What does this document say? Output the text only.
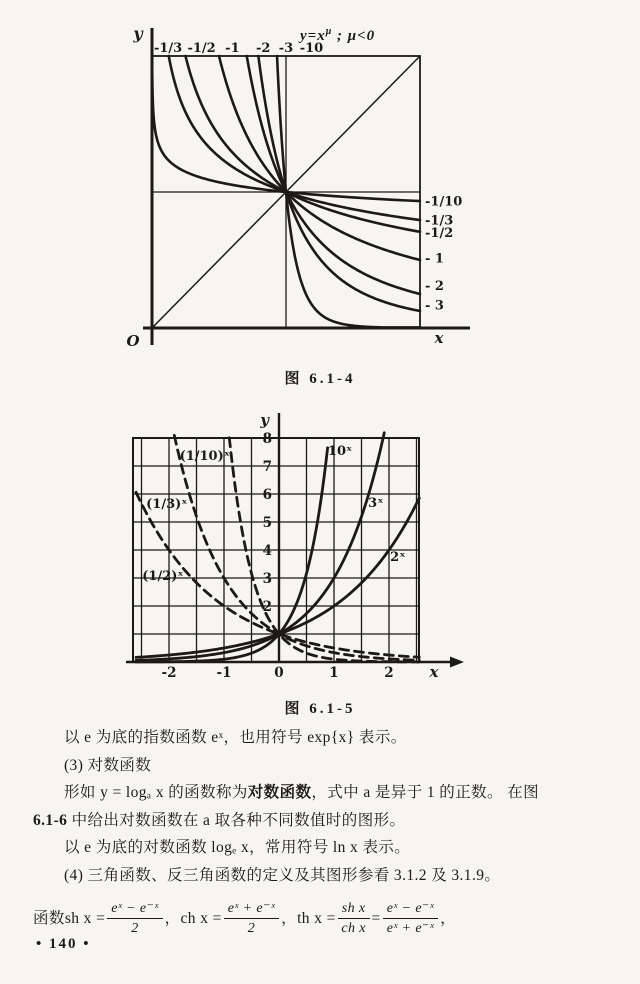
-1/3 -1/2 -1 -2 -3 -10
-1/10
-1/3
-1/2
- 1
- 2
- 3
y
x
O
$y=x^\mu$ ; μ<0
图 6.1-4
8
7
6
5
4
3
2
-2	-1	0	1	2
(1/10)ˣ
(1/3)ˣ
(1/2)ˣ
10ˣ
3ˣ
2ˣ
y
x
图 6.1-5
以 e 为底的指数函数 eˣ，也用符号 exp{x} 表示。
(3) 对数函数
形如 y = logₐ x 的函数称为对数函数，式中 a 是异于 1 的正数。 在图
6.1-6 中给出对数函数在 a 取各种不同数值时的图形。
以 e 为底的对数函数 logₑ x，常用符号 ln x 表示。
(4) 三角函数、反三角函数的定义及其图形参看 3.1.2 及 3.1.9。
函数 sh $x = \frac{\text{eˣ − e⁻ˣ}}{2}$ ，ch $x = \frac{\text{eˣ + e⁻ˣ}}{2}$ ，th $x = \frac{\text{sh x}}{\text{ch x}} = \frac{\text{eˣ − e⁻ˣ}}{\text{eˣ + e⁻ˣ}}$ ，
• 140 •
